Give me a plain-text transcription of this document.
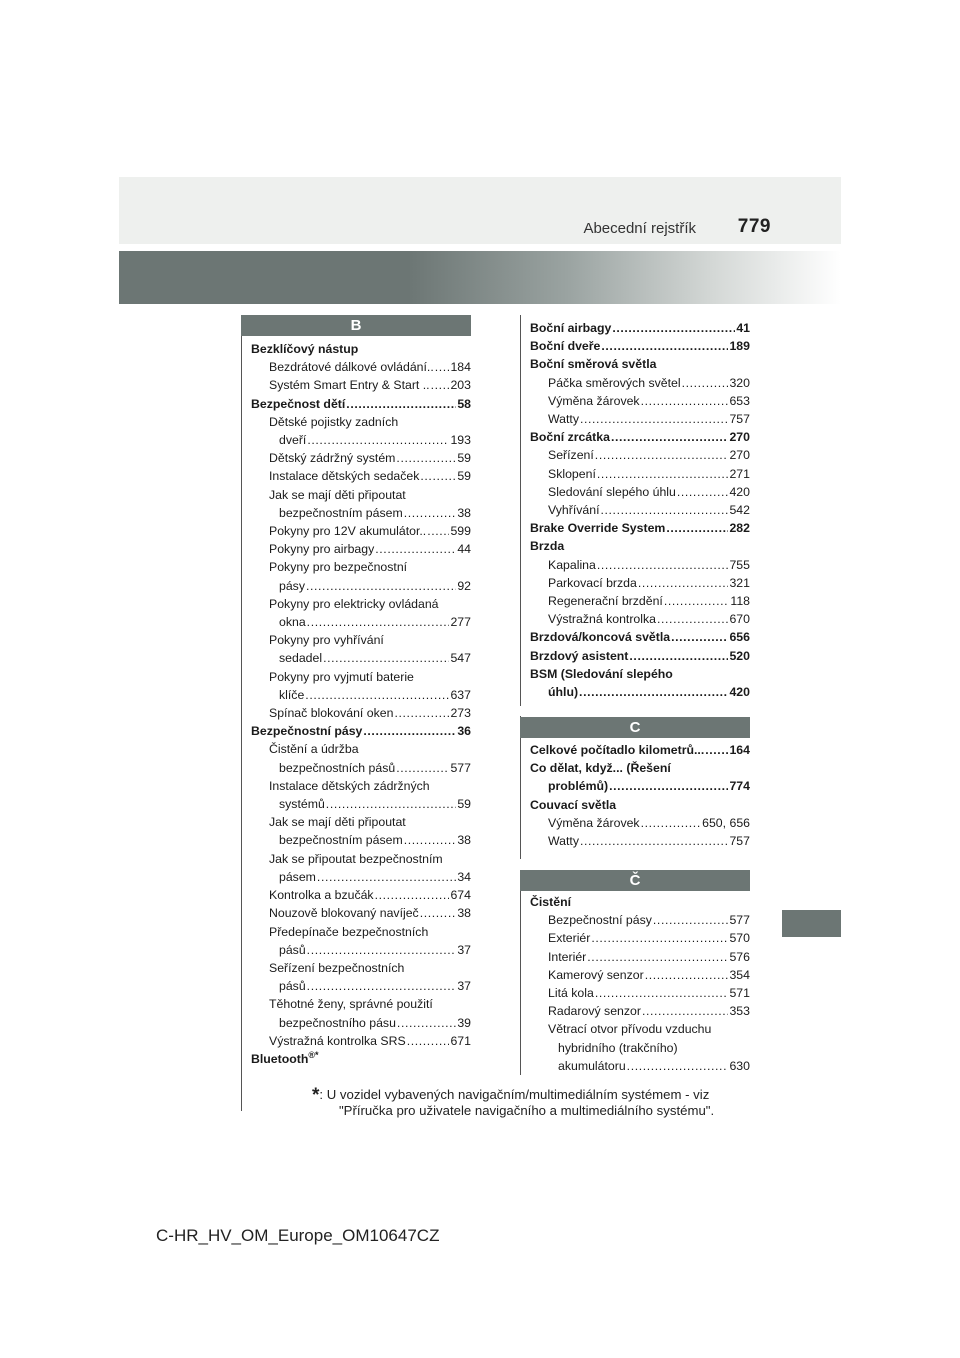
Abecední rejstřík 779
B
Bezklíčový nástup
Bezdrátové dálkové ovládání.. ..... 184
Systém Smart Entry & Start .. ..... 203
Bezpečnost dětí .....	58
Dětské pojistky zadních
dveří .....	193
Dětský zádržný systém .....	59
Instalace dětských sedaček .....	59
Jak se mají děti připoutat
bezpečnostním pásem .....	38
Pokyny pro 12V akumulátor.. ..... 599
Pokyny pro airbagy .....	44
Pokyny pro bezpečnostní
pásy .....	92
Pokyny pro elektricky ovládaná
okna .....	277
Pokyny pro vyhřívání
sedadel .....	547
Pokyny pro vyjmutí baterie
klíče .....	637
Spínač blokování oken .....	273
Bezpečnostní pásy .....	36
Čistění a údržba
bezpečnostních pásů .....	577
Instalace dětských zádržných
systémů .....	59
Jak se mají děti připoutat
bezpečnostním pásem .....	38
Jak se připoutat bezpečnostním
pásem .....	34
Kontrolka a bzučák .....	674
Nouzově blokovaný navíječ .....	38
Předepínače bezpečnostních
pásů .....	37
Seřízení bezpečnostních
pásů .....	37
Těhotné ženy, správné použití
bezpečnostního pásu .....	39
Výstražná kontrolka SRS .....	671
Bluetooth®*
Boční airbagy .....	41
Boční dveře .....	189
Boční směrová světla
Páčka směrových světel .....	320
Výměna žárovek .....	653
Watty .....	757
Boční zrcátka .....	270
Seřízení .....	270
Sklopení .....	271
Sledování slepého úhlu .....	420
Vyhřívání .....	542
Brake Override System .....	282
Brzda
Kapalina .....	755
Parkovací brzda .....	321
Regenerační brzdění .....	118
Výstražná kontrolka .....	670
Brzdová/koncová světla .....	656
Brzdový asistent .....	520
BSM (Sledování slepého
úhlu) .....	420
C
Celkové počítadlo kilometrů... ..... 164
Co dělat, když... (Řešení
problémů) .....	774
Couvací světla
Výměna žárovek .....	650, 656
Watty .....	757
Č
Čistění
Bezpečnostní pásy .....	577
Exteriér .....	570
Interiér .....	576
Kamerový senzor .....	354
Litá kola .....	571
Radarový senzor .....	353
Větrací otvor přívodu vzduchu
hybridního (trakčního)
akumulátoru .....	630
*: U vozidel vybavených navigačním/multimediálním systémem - viz
"Příručka pro uživatele navigačního a multimediálního systému".
C-HR_HV_OM_Europe_OM10647CZ
